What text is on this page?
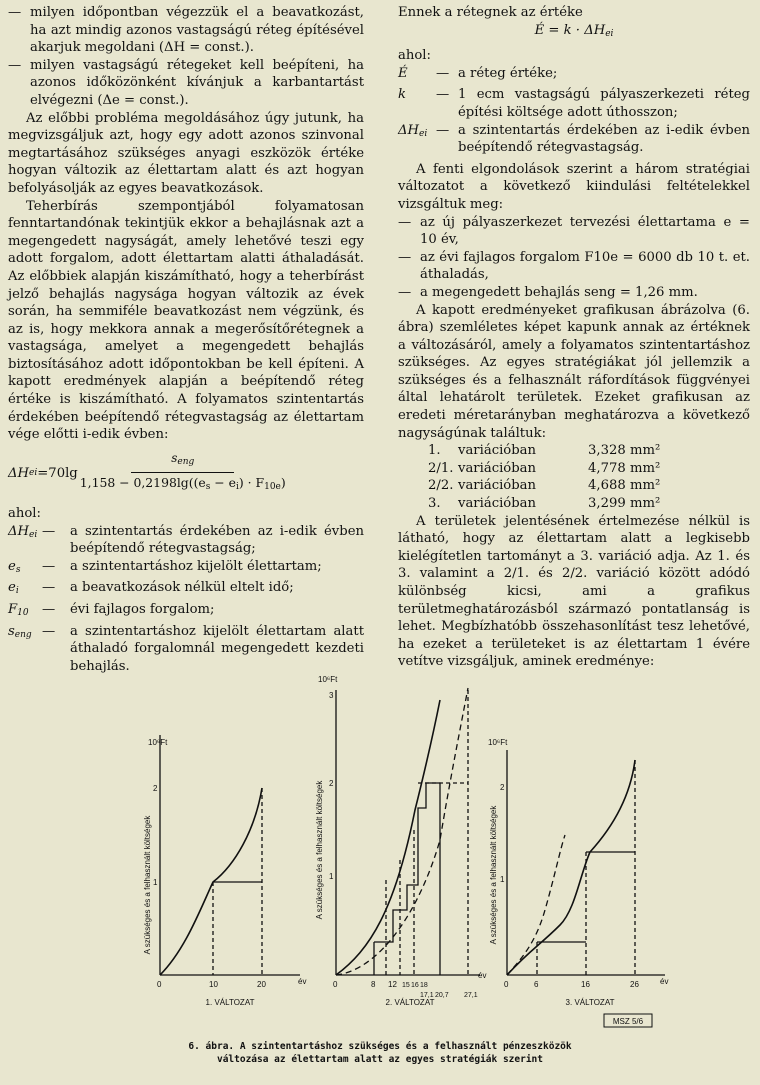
— milyen időpontban végezzük el a beavatkozást, ha azt mindig azonos vastagságú réteg építésével akarjuk megoldani (ΔH = const.).
— milyen vastagságú rétegeket kell beépíteni, ha azonos időközönként kívánjuk a karbantartást elvégezni (Δe = const.).

Az előbbi probléma megoldásához úgy jutunk, ha megvizsgáljuk azt, hogy egy adott azonos szinvonal megtartásához szükséges anyagi eszközök értéke hogyan változik az élettartam alatt és azt hogyan befolyásolják az egyes beavatkozások.

Teherbírás szempontjából folyamatosan fenntartandónak tekintjük ekkor a behajlásnak azt a megengedett nagyságát, amely lehetővé teszi egy adott forgalom, adott élettartam alatti áthaladását. Az előbbiek alapján kiszámítható, hogy a teherbírást jelző behajlás nagysága hogyan változik az évek során, ha semmiféle beavatkozást nem végzünk, és az is, hogy mekkora annak a megerősítőrétegnek a vastagsága, amelyet a megengedett behajlás biztosításához adott időpontokban be kell építeni. A kapott eredmények alapján a beépítendő réteg értéke is kiszámítható. A folyamatos szintentartás érdekében beépítendő rétegvastagság az élettartam vége előtti i-edik évben:

ΔH ei $=70\lg \frac{s_{eng}}{1,158 - 0,2198\lg((e_s - e_i) \cdot F_{10e})}$
ahol:
$\Delta H_{ei}$ —	a szintentartás érdekében az i-edik évben beépítendő rétegvastagság;
$e_s$	—	a szintentartáshoz kijelölt élettartam;
$e_i$	—	a beavatkozások nélkül eltelt idő;
$F_{10}$	—	évi fajlagos forgalom;
$s_{eng}$ —	a szintentartáshoz kijelölt élettartam alatt áthaladó forgalomnál megengedett kezdeti behajlás.
Ennek a rétegnek az értéke
É = $k \cdot \Delta H_{ei}$
ahol:
É	— a réteg értéke;
k	— 1 ecm vastagságú pályaszerkezeti réteg építési költsége adott úthosszon;
$\Delta H_{ei}$ — a szintentartás érdekében az i-edik évben beépítendő rétegvastagság.

A fenti elgondolások szerint a három stratégiai változatot a következő kiindulási feltételekkel vizsgáltuk meg:

— az új pályaszerkezet tervezési élettartama e = 10 év,
— az évi fajlagos forgalom F10e = 6000 db 10 t. et. áthaladás,
— a megengedett behajlás seng = 1,26 mm.

A kapott eredményeket grafikusan ábrázolva (6. ábra) szemléletes képet kapunk annak az értéknek a változásáról, amely a folyamatos szintentartáshoz szükséges. Az egyes stratégiákat jól jellemzik a szükséges és a felhasznált ráfordítások függvényei által lehatárolt területek. Ezeket grafikusan az eredeti méretarányban meghatározva a következő nagyságúnak találtuk:

1.	variációban	3,328 mm²
2/1. variációban	4,778 mm²
2/2. variációban	4,688 mm²
3.	variációban	3,299 mm²

A területek jelentésének értelmezése nélkül is látható, hogy az élettartam alatt a legkisebb kielégítetlen tartományt a 3. variáció adja. Az 1. és 3. valamint a 2/1. és 2/2. variáció között adódó különbség kicsi, ami a grafikus területmeghatározásból származó pontatlanság is lehet. Megbízhatóbb összehasonlítást tesz lehetővé, ha ezeket a területeket is az élettartam 1 évére vetítve vizsgáljuk, aminek eredménye:

10⁶Ft
A szükséges és a felhasznált költségek 1
2
0	10	20	év
1. VÁLTOZAT
10⁶Ft
A szükséges és a felhasznált költségek 1
2
3
0	8 12 15 16 18
17,1 20,7 27,1
év
2. VÁLTOZAT
10⁶Ft
A szükséges és a felhasznált költségek 1
2
0	6	16	26	év
3. VÁLTOZAT
MSZ 5/6
6. ábra. A szintentartáshoz szükséges és a felhasznált pénzeszközök
változása az élettartam alatt az egyes stratégiák szerint
